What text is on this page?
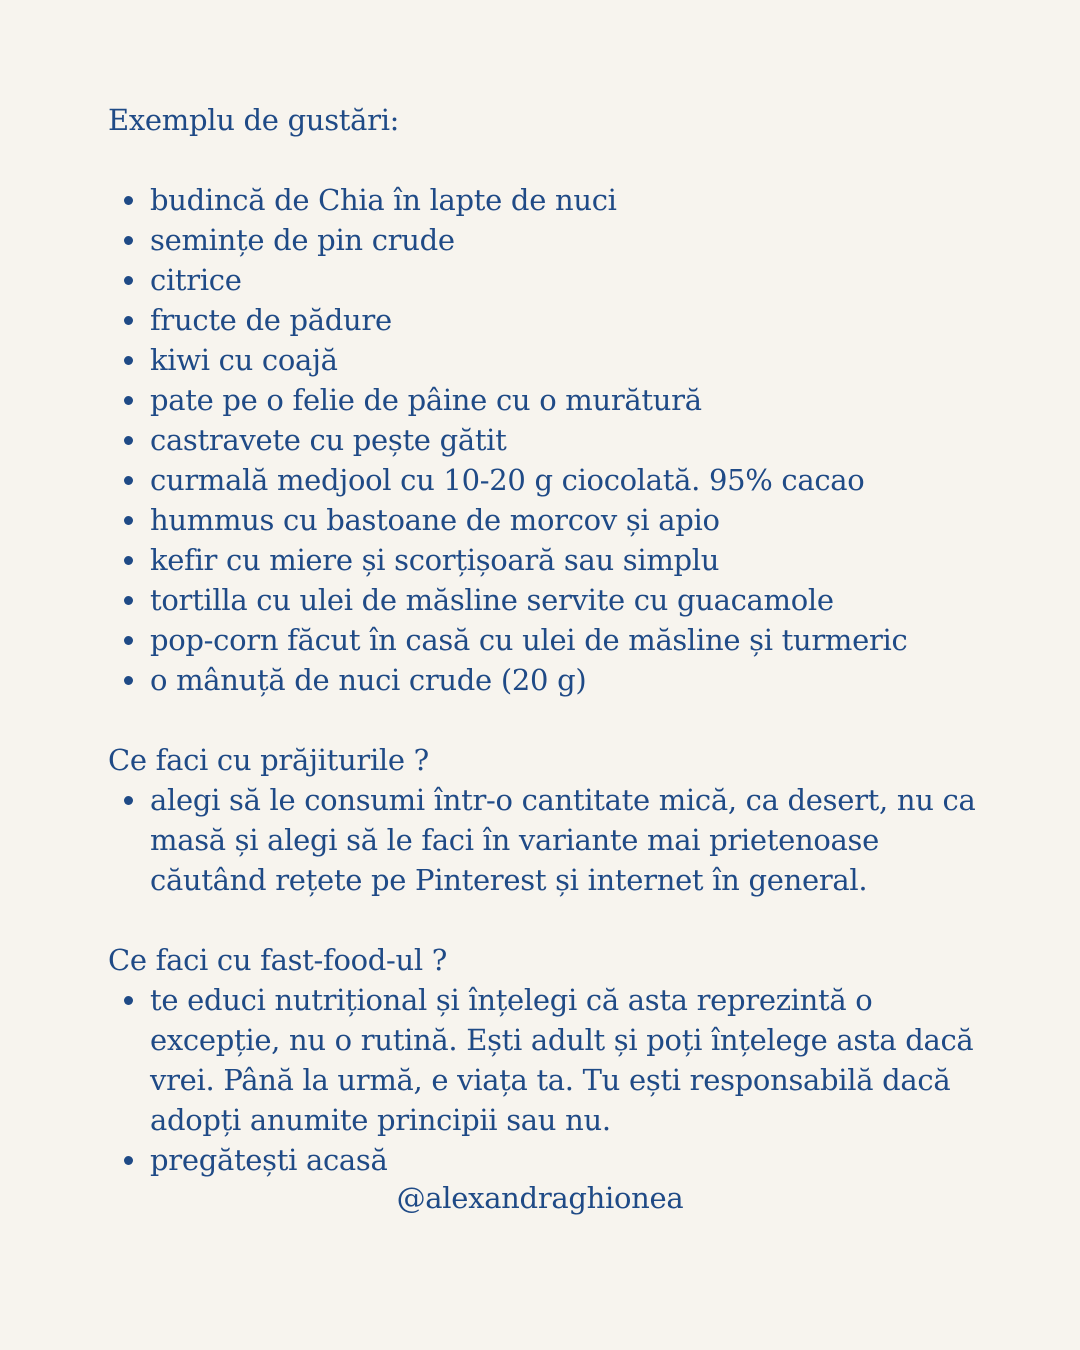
Exemplu de gustări:
budincă de Chia în lapte de nuci
semințe de pin crude
citrice
fructe de pădure
kiwi cu coajă
pate pe o felie de pâine cu o murătură
castravete cu pește gătit
curmală medjool cu 10-20 g ciocolată. 95% cacao
hummus cu bastoane de morcov și apio
kefir cu miere și scorțișoară sau simplu
tortilla cu ulei de măsline servite cu guacamole
pop-corn făcut în casă cu ulei de măsline și turmeric
o mânuță de nuci crude (20 g)
Ce faci cu prăjiturile ?
alegi să le consumi într-o cantitate mică, ca desert, nu ca masă și alegi să le faci în variante mai prietenoase căutând rețete pe Pinterest și internet în general.
Ce faci cu fast-food-ul ?
te educi nutrițional și înțelegi că asta reprezintă o excepție, nu o rutină. Ești adult și poți înțelege asta dacă vrei. Până la urmă, e viața ta. Tu ești responsabilă dacă adopți anumite principii sau nu.
pregătești acasă
@alexandraghionea
